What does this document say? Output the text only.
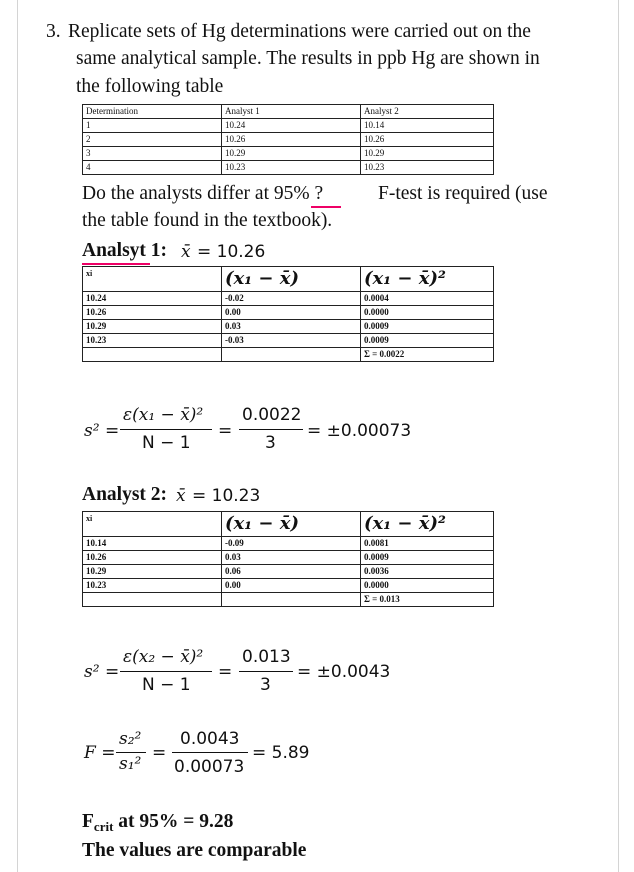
3. Replicate sets of Hg determinations were carried out on the
same analytical sample. The results in ppb Hg are shown in
the following table
Determination	Analyst 1	Analyst 2
1	10.24	10.14
2	10.26	10.26
3	10.29	10.29
4	10.23	10.23
Do the analysts differ at 95% ?	F-test is required (use
the table found in the textbook).
Analsyt 1: x̄ = 10.26
xi	(x₁ − x̄)	(x₁ − x̄)²
10.24	-0.02	0.0004
10.26	0.00	0.0000
10.29	0.03	0.0009
10.23	-0.03	0.0009
		Σ = 0.0022
s² =
ε(x₁ − x̄)²
N − 1
=
0.0022
3
= ±0.00073
Analyst 2: x̄ = 10.23
xi	(x₁ − x̄)	(x₁ − x̄)²
10.14	-0.09	0.0081
10.26	0.03	0.0009
10.29	0.06	0.0036
10.23	0.00	0.0000
		Σ = 0.013
s² =
ε(x₂ − x̄)²
N − 1
=
0.013
3
= ±0.0043
F =
s₂²
s₁²
=
0.0043
0.00073
= 5.89
$F_{crit}$ at 95% = 9.28
The values are comparable
